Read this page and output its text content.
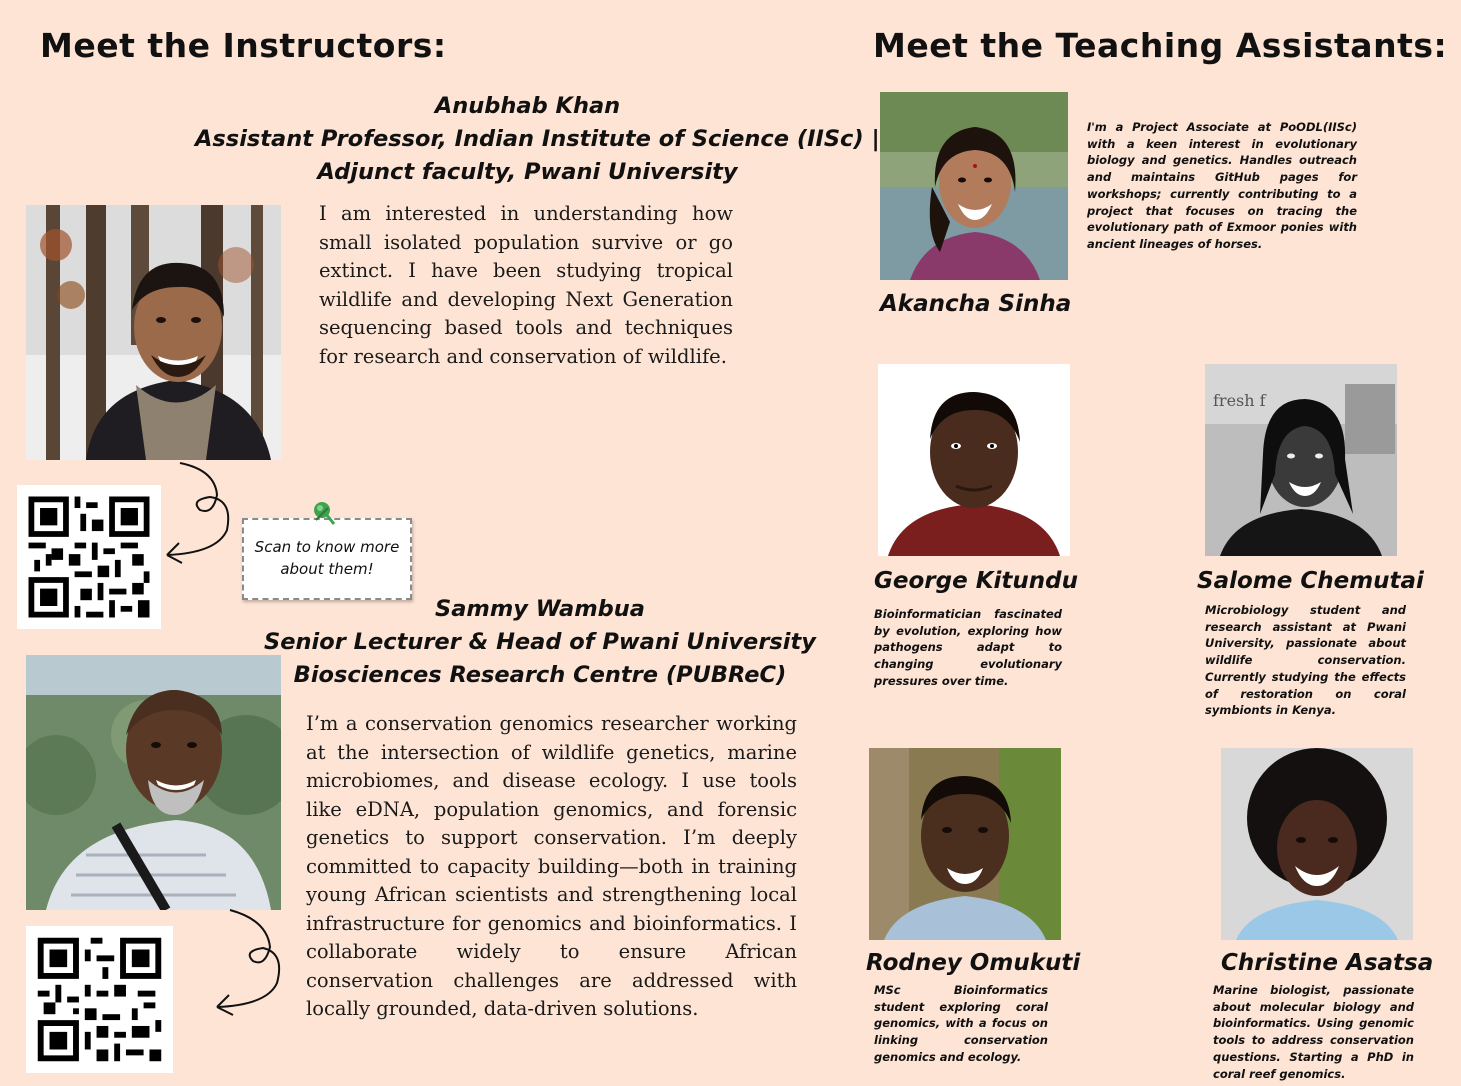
Meet the Instructors:	Meet the Teaching Assistants:
Anubhab Khan
Assistant Professor, Indian Institute of Science (IISc) |
Adjunct faculty, Pwani University
I am interested in understanding how small isolated population survive or go extinct. I have been studying tropical wildlife and developing Next Generation sequencing based tools and techniques for research and conservation of wildlife.
Scan to know more
about them!
Sammy Wambua
Senior Lecturer & Head of Pwani University
Biosciences Research Centre (PUBReC)
I’m a conservation genomics researcher working at the intersection of wildlife genetics, marine microbiomes, and disease ecology. I use tools like eDNA, population genomics, and forensic genetics to support conservation. I’m deeply committed to capacity building—both in training young African scientists and strengthening local infrastructure for genomics and bioinformatics. I collaborate widely to ensure African conservation challenges are addressed with locally grounded, data-driven solutions.
I'm a Project Associate at PoODL(IISc) with a keen interest in evolutionary biology and genetics. Handles outreach and maintains GitHub pages for workshops; currently contributing to a project that focuses on tracing the evolutionary path of Exmoor ponies with ancient lineages of horses.
Akancha Sinha
George Kitundu
Bioinformatician fascinated by evolution, exploring how pathogens adapt to changing evolutionary pressures over time.
fresh f
Salome Chemutai
Microbiology student and research assistant at Pwani University, passionate about wildlife conservation. Currently studying the effects of restoration on coral symbionts in Kenya.
Rodney Omukuti
MSc Bioinformatics student exploring coral genomics, with a focus on linking conservation genomics and ecology.
Christine Asatsa
Marine biologist, passionate about molecular biology and bioinformatics. Using genomic tools to address conservation questions. Starting a PhD in coral reef genomics.
